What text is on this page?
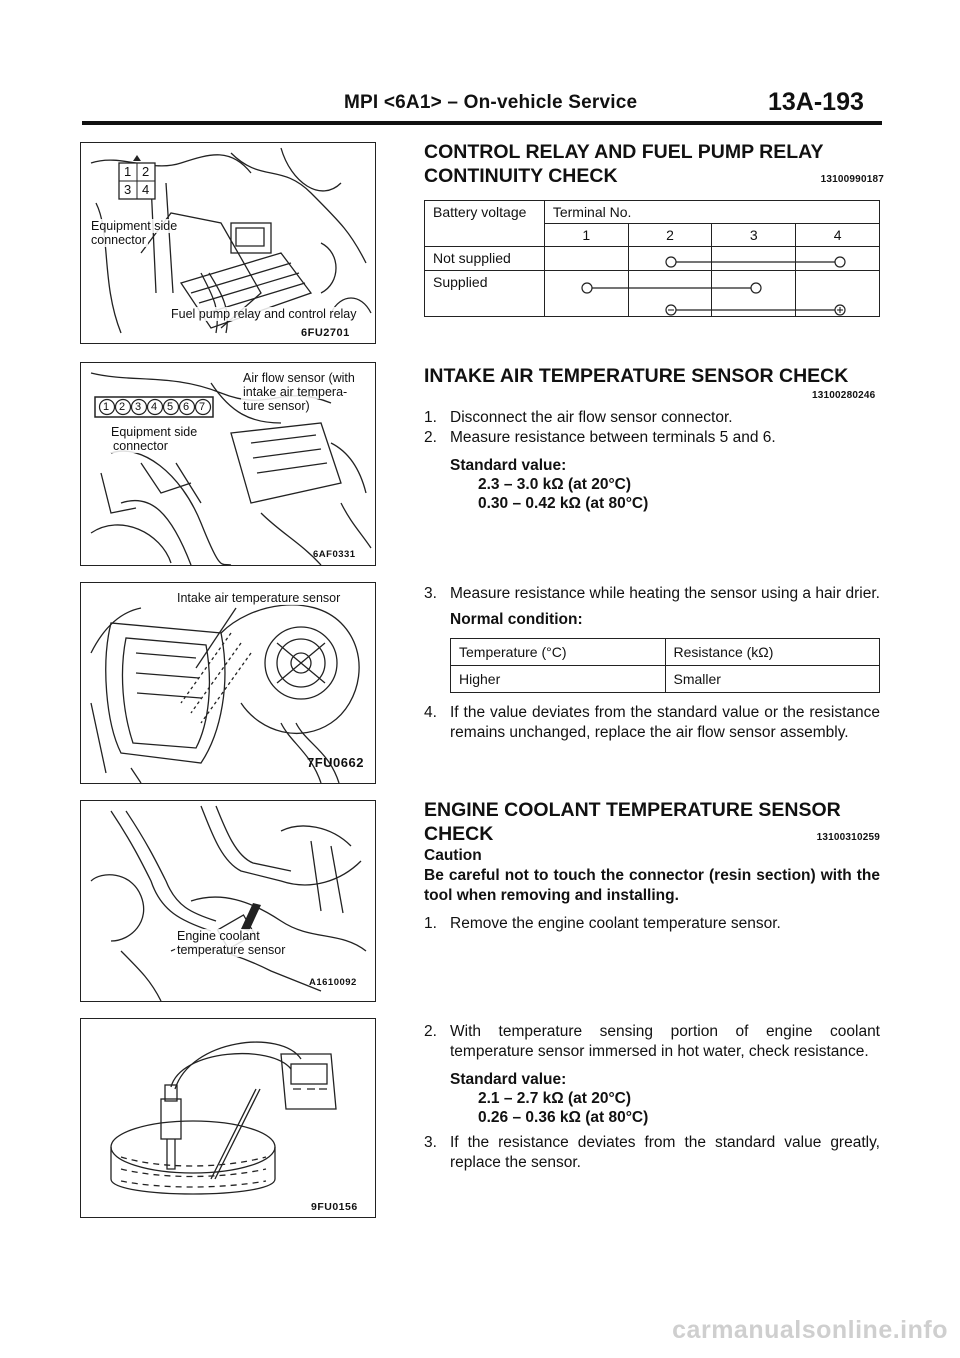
MPI <6A1> – On-vehicle Service	13A-193
1 2
3 4
Equipment side
connector
Fuel pump relay and control relay
6FU2701
1 2 3 4 5 6 7
Air flow sensor (with
intake air tempera-
ture sensor)
Equipment side
connector
6AF0331
Intake air temperature sensor
7FU0662
Engine coolant
temperature sensor
A1610092
9FU0156
CONTROL RELAY AND FUEL PUMP RELAY
CONTINUITY CHECK	13100990187
Battery voltage	Terminal No.			
	1	2	3	4
Not supplied				
Supplied				
INTAKE AIR TEMPERATURE SENSOR CHECK
13100280246
1. Disconnect the air flow sensor connector.
2. Measure resistance between terminals 5 and 6.
Standard value:
2.3 – 3.0 kΩ (at 20°C)
0.30 – 0.42 kΩ (at 80°C)
3. Measure resistance while heating the sensor using a hair drier.
Normal condition:
Temperature (°C)	Resistance (kΩ)
Higher	Smaller
4. If the value deviates from the standard value or the resistance remains unchanged, replace the air flow sensor assembly.
ENGINE COOLANT TEMPERATURE SENSOR
CHECK	13100310259
Caution
Be careful not to touch the connector (resin section) with the tool when removing and installing.
1. Remove the engine coolant temperature sensor.
2. With temperature sensing portion of engine coolant temperature sensor immersed in hot water, check resistance.
Standard value:
2.1 – 2.7 kΩ (at 20°C)
0.26 – 0.36 kΩ (at 80°C)
3. If the resistance deviates from the standard value greatly, replace the sensor.
carmanualsonline.info
